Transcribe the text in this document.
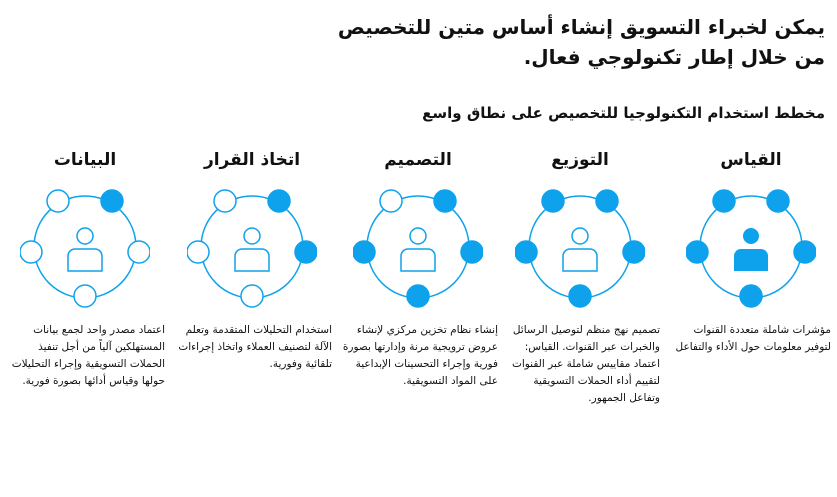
يمكن لخبراء التسويق إنشاء أساس متين للتخصيص من خلال إطار تكنولوجي فعال.
مخطط استخدام التكنولوجيا للتخصيص على نطاق واسع
القياس

مؤشرات شاملة متعددة القنوات لتوفير معلومات حول الأداء والتفاعل

التوزيع

تصميم نهج منظم لتوصيل الرسائل والخبرات عبر القنوات. القياس: اعتماد مقاييس شاملة عبر القنوات لتقييم أداء الحملات التسويقية وتفاعل الجمهور.

التصميم

إنشاء نظام تخزين مركزي لإنشاء عروض ترويجية مرنة وإدارتها بصورة فورية وإجراء التحسينات الإبداعية على المواد التسويقية.

اتخاذ القرار

استخدام التحليلات المتقدمة وتعلم الآلة لتصنيف العملاء واتخاذ إجراءات تلقائية وفورية.

البيانات

اعتماد مصدر واحد لجمع بيانات المستهلكين آلياً من أجل تنفيذ الحملات التسويقية وإجراء التحليلات حولها وقياس أدائها بصورة فورية.
